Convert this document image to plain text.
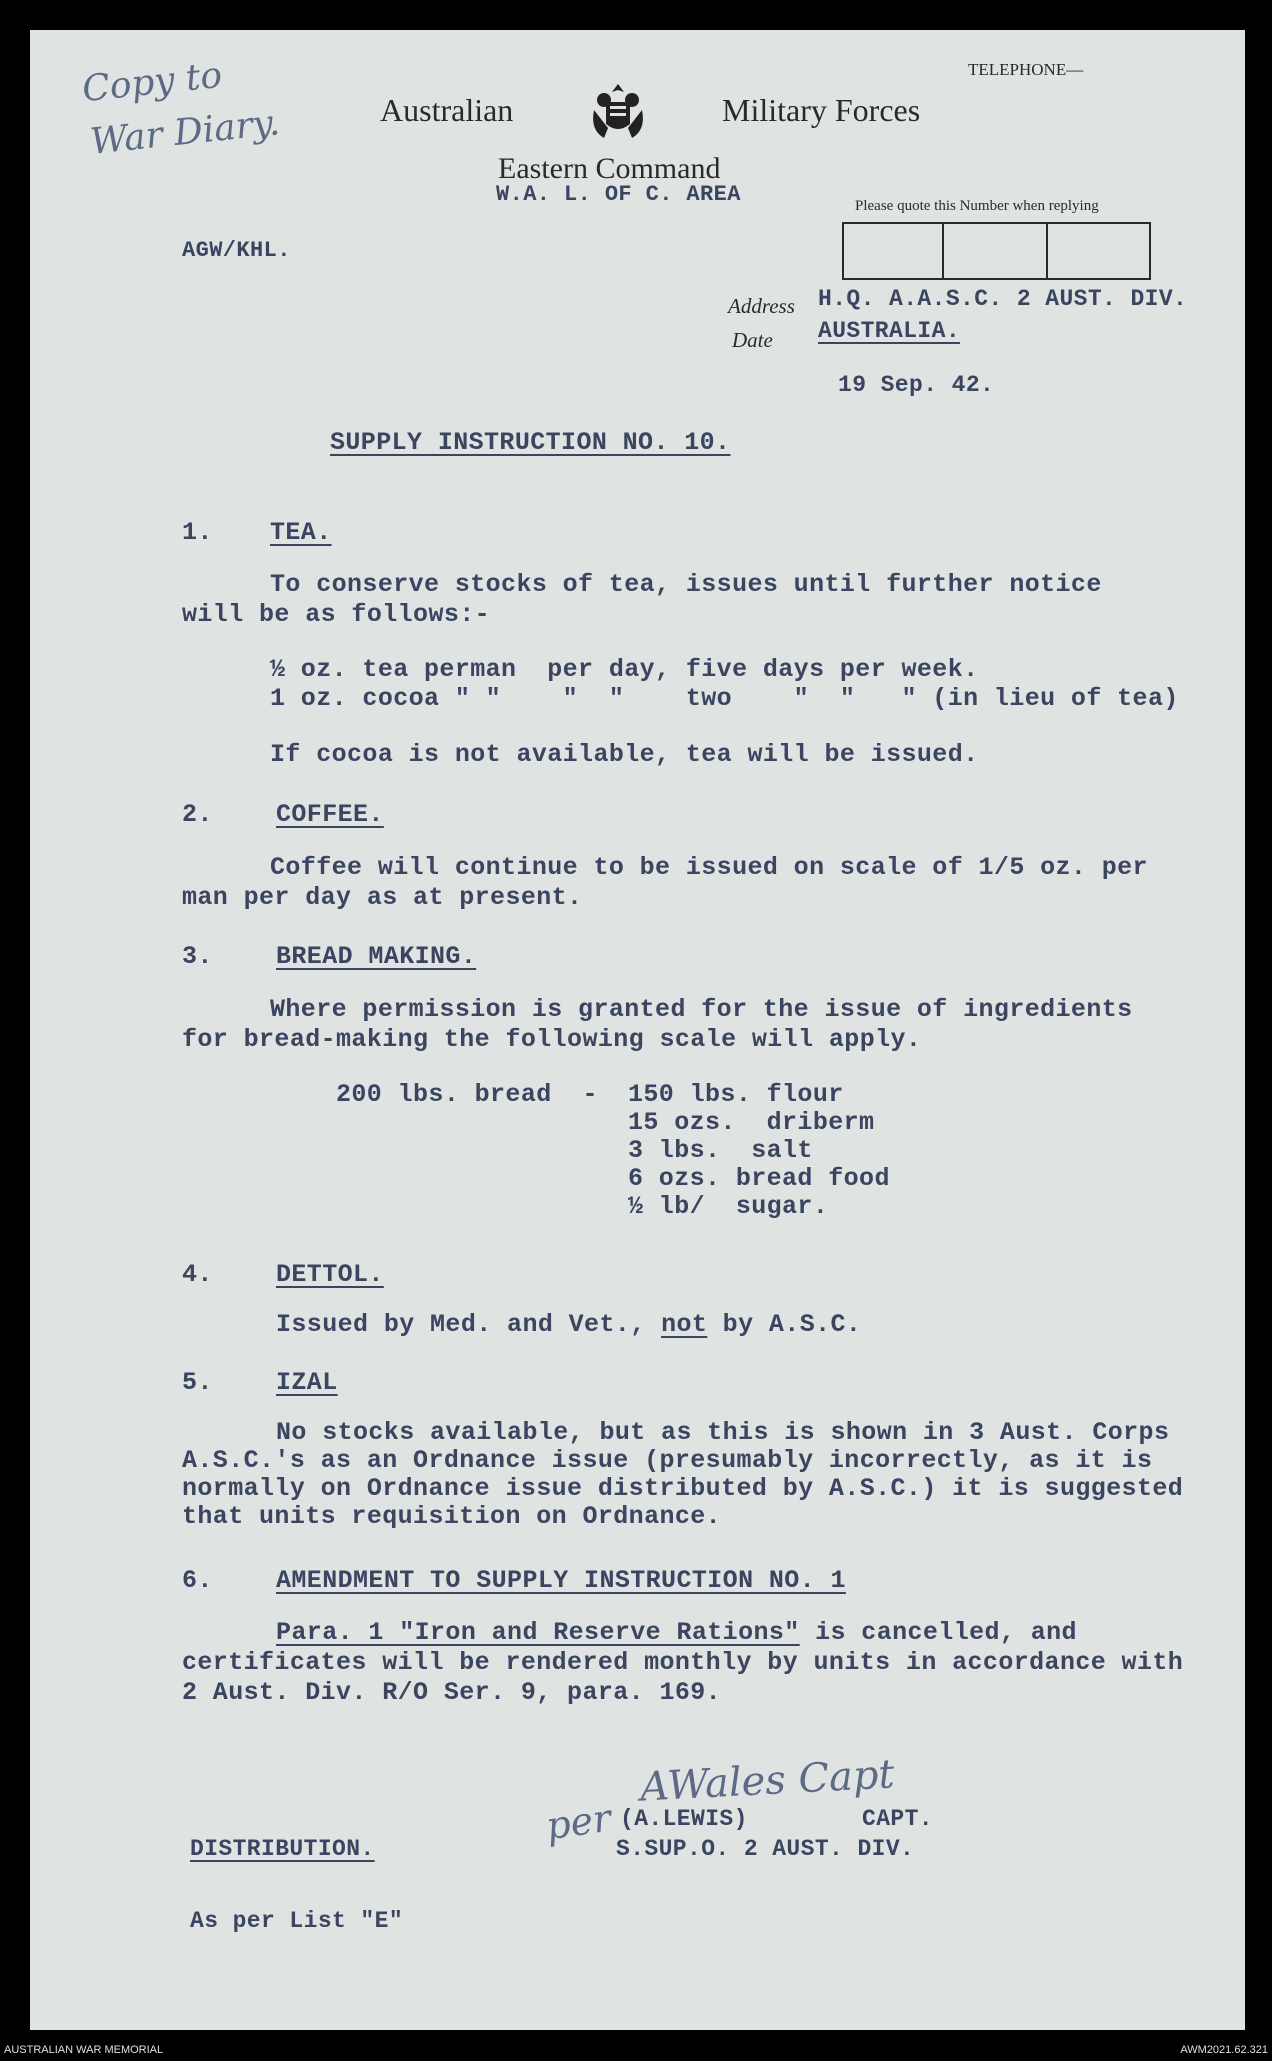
Copy to
War Diary.	Australian	Military Forces
TELEPHONE—
Eastern Command
W.A. L. OF C. AREA	Please quote this Number when replying
AGW/KHL.
Address
Date
H.Q. A.A.S.C. 2 AUST. DIV.
AUSTRALIA.
19 Sep. 42.
SUPPLY INSTRUCTION NO. 10.
1. TEA.
To conserve stocks of tea, issues until further notice
will be as follows:-
½ oz. tea perman  per day, five days per week.
1 oz. cocoa " "    "  "    two    "  "   " (in lieu of tea)
If cocoa is not available, tea will be issued.
2.	COFFEE.
Coffee will continue to be issued on scale of 1/5 oz. per
man per day as at present.
3.	BREAD MAKING.
Where permission is granted for the issue of ingredients
for bread-making the following scale will apply.
200 lbs. bread  - 150 lbs. flour
15 ozs.  driberm
3 lbs.  salt
6 ozs. bread food
½ lb/  sugar.
4.	DETTOL.
Issued by Med. and Vet., not by A.S.C.
5.	IZAL
No stocks available, but as this is shown in 3 Aust. Corps
A.S.C.'s as an Ordnance issue (presumably incorrectly, as it is
normally on Ordnance issue distributed by A.S.C.) it is suggested
that units requisition on Ordnance.
6.	AMENDMENT TO SUPPLY INSTRUCTION NO. 1
Para. 1 "Iron and Reserve Rations" is cancelled, and
certificates will be rendered monthly by units in accordance with
2 Aust. Div. R/O Ser. 9, para. 169.
AWales Capt
per (A.LEWIS)	CAPT.
S.SUP.O. 2 AUST. DIV.
DISTRIBUTION.
As per List "E"
AUSTRALIAN WAR MEMORIAL	AWM2021.62.321
